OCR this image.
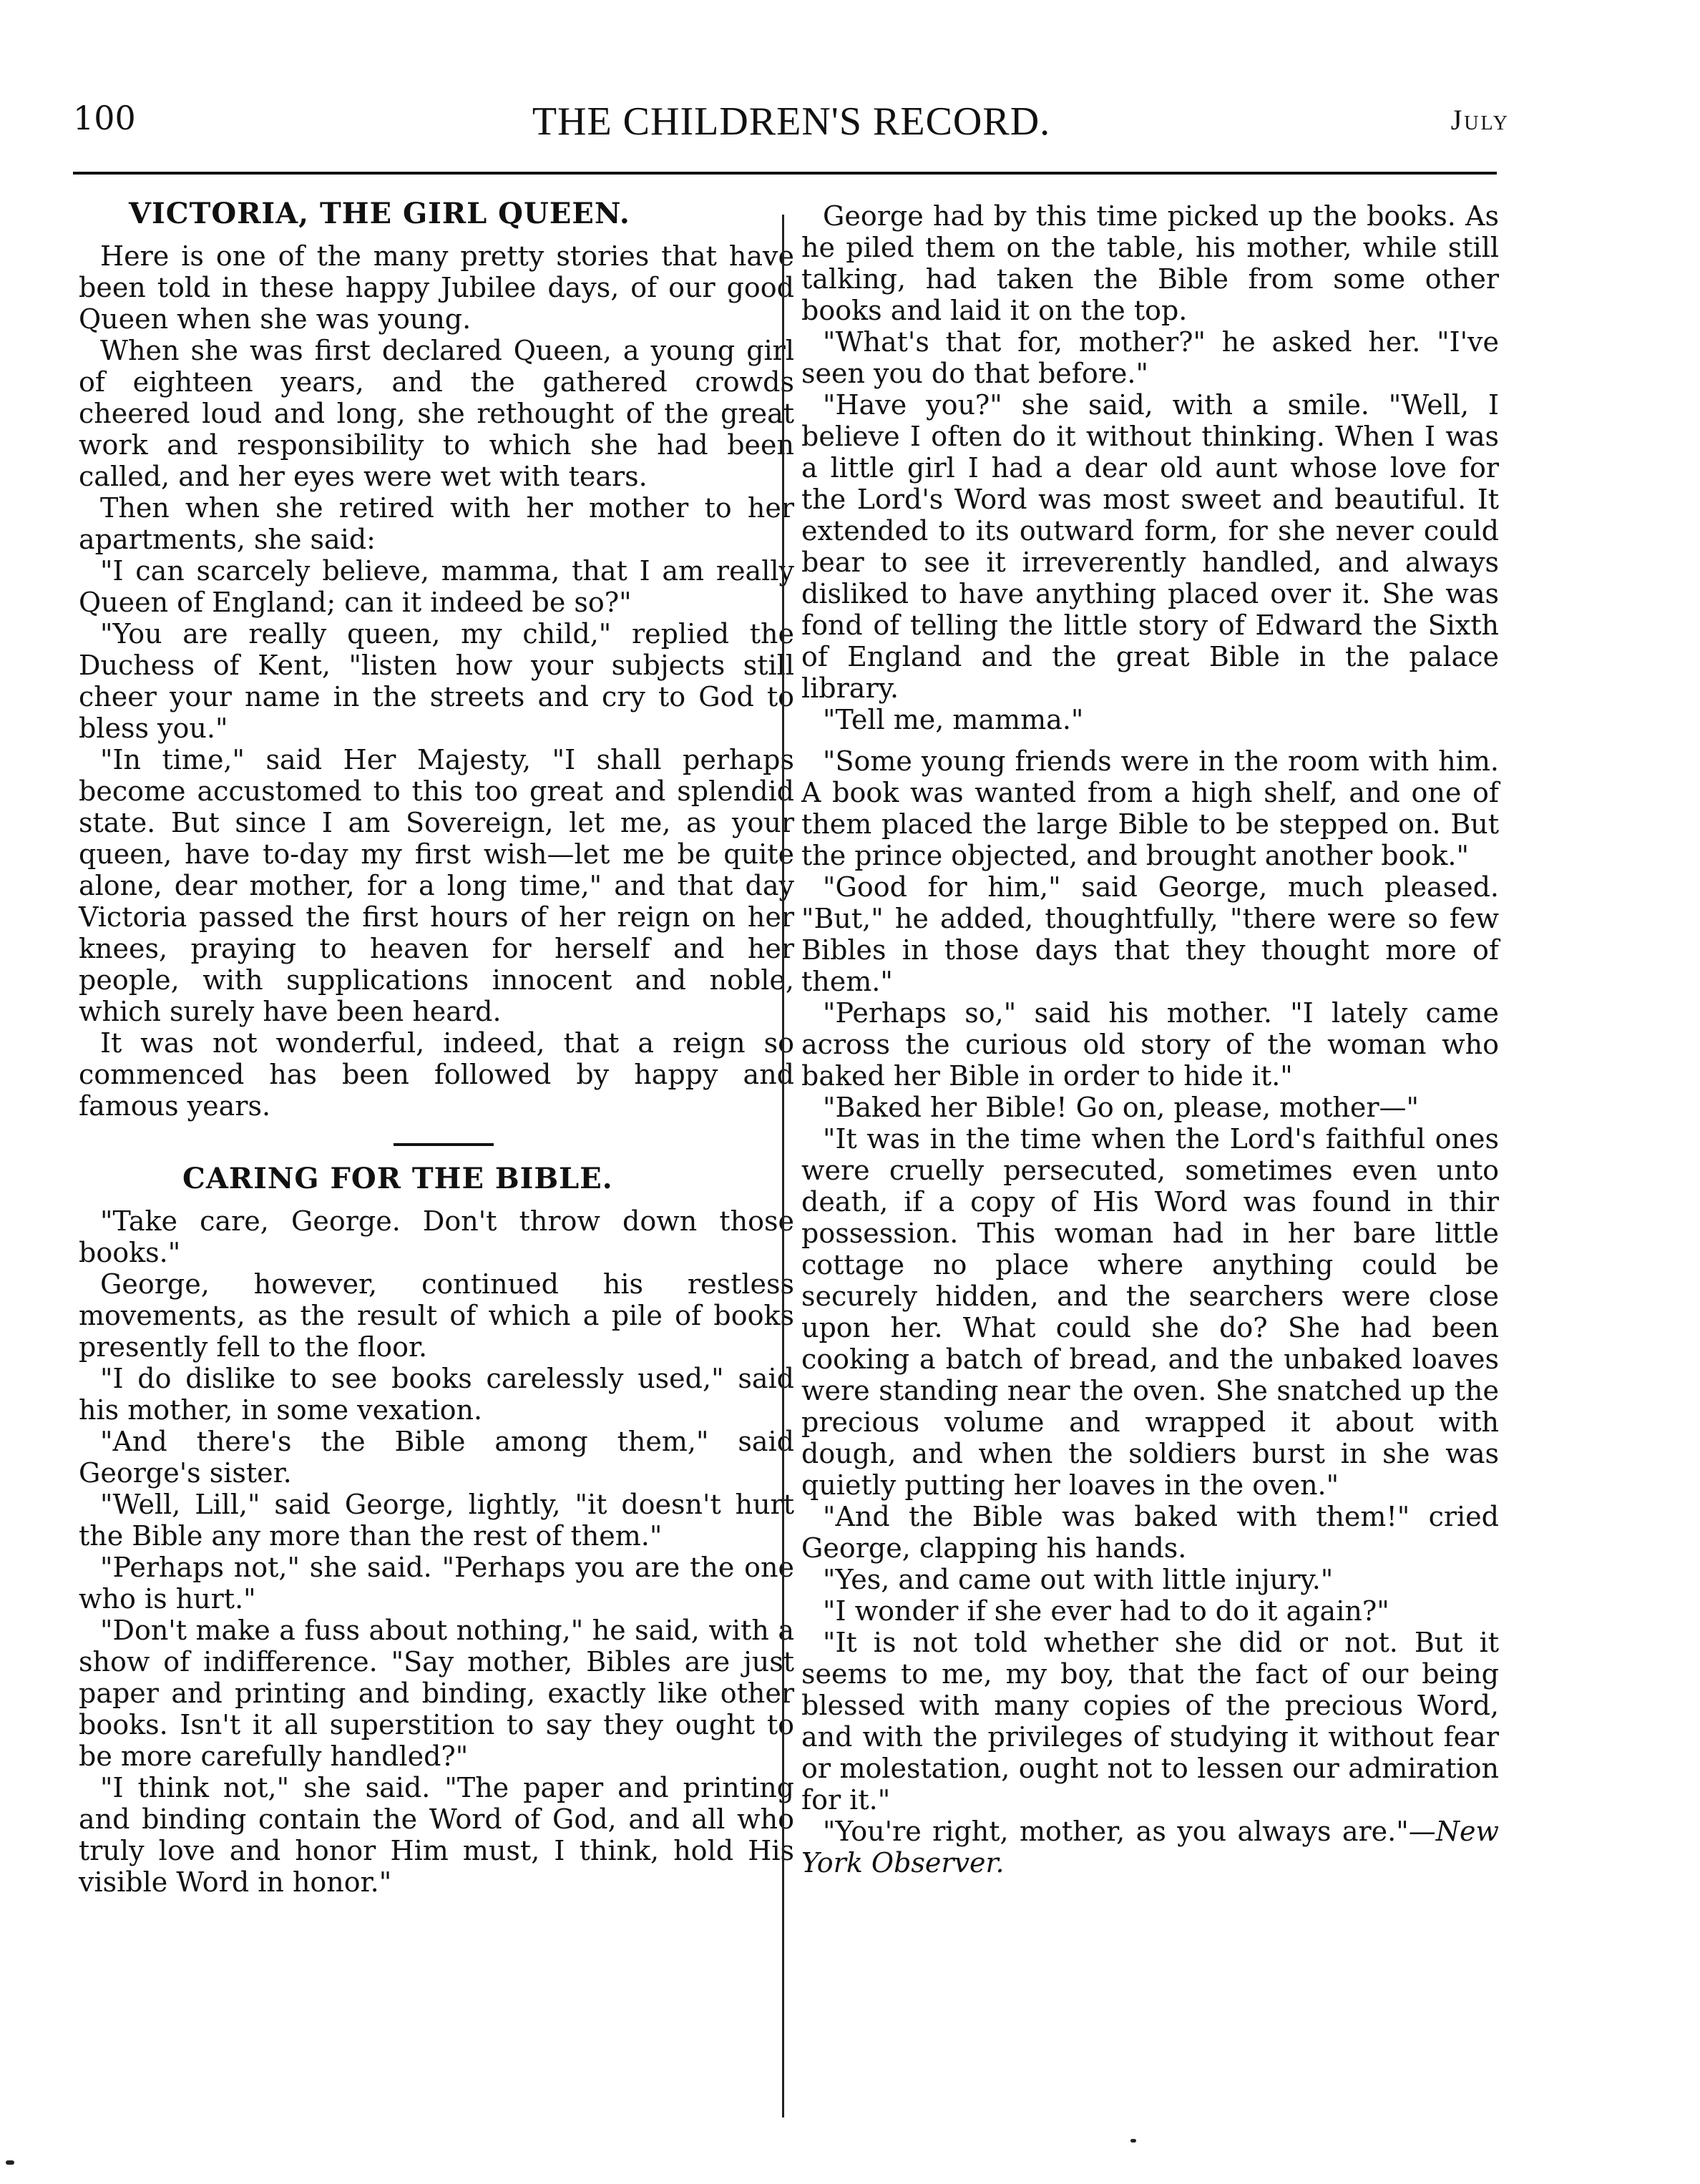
100	THE CHILDREN'S RECORD.	July
VICTORIA, THE GIRL QUEEN.

Here is one of the many pretty stories that have been told in these happy Jubilee days, of our good Queen when she was young.

When she was first declared Queen, a young girl of eighteen years, and the gathered crowds cheered loud and long, she rethought of the great work and responsibility to which she had been called, and her eyes were wet with tears.

Then when she retired with her mother to her apartments, she said:

"I can scarcely believe, mamma, that I am really Queen of England; can it indeed be so?"

"You are really queen, my child," replied the Duchess of Kent, "listen how your subjects still cheer your name in the streets and cry to God to bless you."

"In time," said Her Majesty, "I shall perhaps become accustomed to this too great and splendid state. But since I am Sovereign, let me, as your queen, have to-day my first wish—let me be quite alone, dear mother, for a long time," and that day Victoria passed the first hours of her reign on her knees, praying to heaven for herself and her people, with supplications innocent and noble, which surely have been heard.

It was not wonderful, indeed, that a reign so commenced has been followed by happy and famous years.

CARING FOR THE BIBLE.

"Take care, George. Don't throw down those books."

George, however, continued his restless movements, as the result of which a pile of books presently fell to the floor.

"I do dislike to see books carelessly used," said his mother, in some vexation.

"And there's the Bible among them," said George's sister.

"Well, Lill," said George, lightly, "it doesn't hurt the Bible any more than the rest of them."

"Perhaps not," she said. "Perhaps you are the one who is hurt."

"Don't make a fuss about nothing," he said, with a show of indifference. "Say mother, Bibles are just paper and printing and binding, exactly like other books. Isn't it all superstition to say they ought to be more carefully handled?"

"I think not," she said. "The paper and printing and binding contain the Word of God, and all who truly love and honor Him must, I think, hold His visible Word in honor."

George had by this time picked up the books. As he piled them on the table, his mother, while still talking, had taken the Bible from some other books and laid it on the top.

"What's that for, mother?" he asked her. "I've seen you do that before."

"Have you?" she said, with a smile. "Well, I believe I often do it without thinking. When I was a little girl I had a dear old aunt whose love for the Lord's Word was most sweet and beautiful. It extended to its outward form, for she never could bear to see it irreverently handled, and always disliked to have anything placed over it. She was fond of telling the little story of Edward the Sixth of England and the great Bible in the palace library.

"Tell me, mamma."

"Some young friends were in the room with him. A book was wanted from a high shelf, and one of them placed the large Bible to be stepped on. But the prince objected, and brought another book."

"Good for him," said George, much pleased. "But," he added, thoughtfully, "there were so few Bibles in those days that they thought more of them."

"Perhaps so," said his mother. "I lately came across the curious old story of the woman who baked her Bible in order to hide it."

"Baked her Bible! Go on, please, mother—"

"It was in the time when the Lord's faithful ones were cruelly persecuted, sometimes even unto death, if a copy of His Word was found in thir possession. This woman had in her bare little cottage no place where anything could be securely hidden, and the searchers were close upon her. What could she do? She had been cooking a batch of bread, and the unbaked loaves were standing near the oven. She snatched up the precious volume and wrapped it about with dough, and when the soldiers burst in she was quietly putting her loaves in the oven."

"And the Bible was baked with them!" cried George, clapping his hands.

"Yes, and came out with little injury."

"I wonder if she ever had to do it again?"

"It is not told whether she did or not. But it seems to me, my boy, that the fact of our being blessed with many copies of the precious Word, and with the privileges of studying it without fear or molestation, ought not to lessen our admiration for it."

"You're right, mother, as you always are."—New York Observer.
